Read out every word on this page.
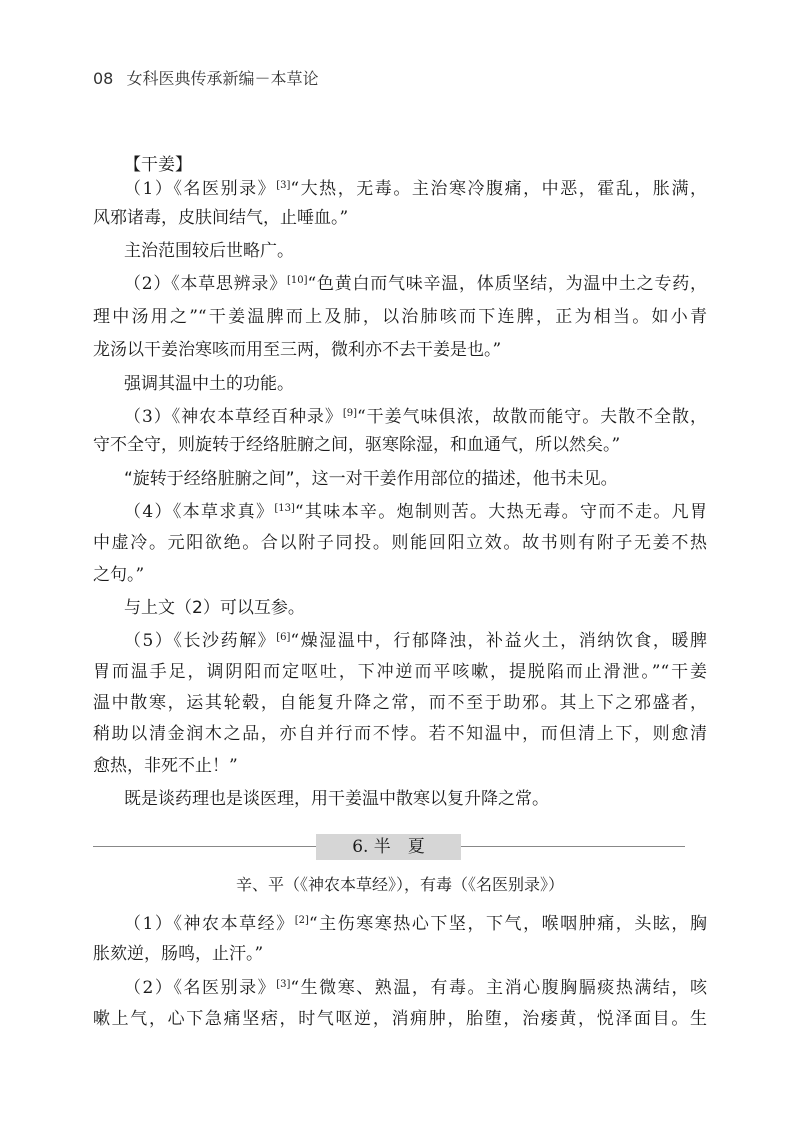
08 女科医典传承新编－本草论
【干姜】
（1）《名医别录》[3]“大热，无毒。主治寒冷腹痛，中恶，霍乱，胀满，
风邪诸毒，皮肤间结气，止唾血。”
主治范围较后世略广。
（2）《本草思辨录》[10]“色黄白而气味辛温，体质坚结，为温中土之专药，
理中汤用之”“干姜温脾而上及肺，以治肺咳而下连脾，正为相当。如小青
龙汤以干姜治寒咳而用至三两，微利亦不去干姜是也。”
强调其温中土的功能。
（3）《神农本草经百种录》[9]“干姜气味俱浓，故散而能守。夫散不全散，
守不全守，则旋转于经络脏腑之间，驱寒除湿，和血通气，所以然矣。”
“旋转于经络脏腑之间”，这一对干姜作用部位的描述，他书未见。
（4）《本草求真》[13]“其味本辛。炮制则苦。大热无毒。守而不走。凡胃
中虚冷。元阳欲绝。合以附子同投。则能回阳立效。故书则有附子无姜不热
之句。”
与上文（2）可以互参。
（5）《长沙药解》[6]“燥湿温中，行郁降浊，补益火土，消纳饮食，暖脾
胃而温手足，调阴阳而定呕吐，下冲逆而平咳嗽，提脱陷而止滑泄。”“干姜
温中散寒，运其轮毂，自能复升降之常，而不至于助邪。其上下之邪盛者，
稍助以清金润木之品，亦自并行而不悖。若不知温中，而但清上下，则愈清
愈热，非死不止！”
既是谈药理也是谈医理，用干姜温中散寒以复升降之常。
6. 半　夏
辛、平（《神农本草经》），有毒（《名医别录》）
（1）《神农本草经》[2]“主伤寒寒热心下坚，下气，喉咽肿痛，头眩，胸
胀欬逆，肠鸣，止汗。”
（2）《名医别录》[3]“生微寒、熟温，有毒。主消心腹胸膈痰热满结，咳
嗽上气，心下急痛坚痞，时气呕逆，消痈肿，胎堕，治痿黄，悦泽面目。生
